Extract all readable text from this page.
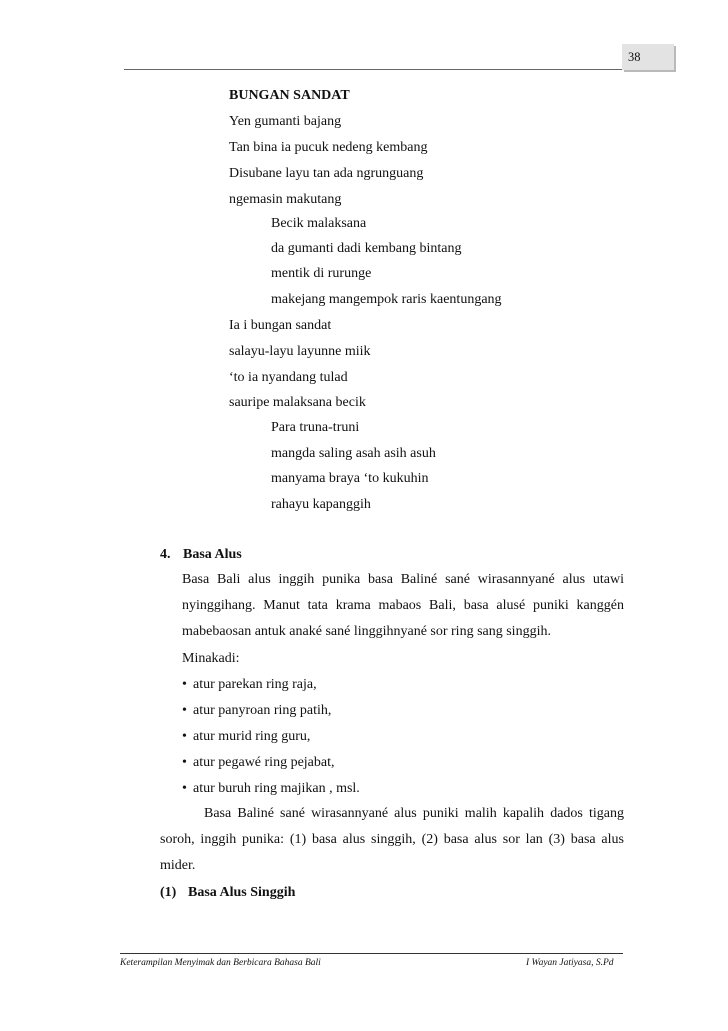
38
BUNGAN SANDAT
Yen gumanti bajang
Tan bina ia pucuk nedeng kembang
Disubane layu tan ada ngrunguang
ngemasin makutang
Becik malaksana
da gumanti dadi kembang bintang
mentik di rurunge
makejang mangempok raris kaentungang
Ia i bungan sandat
salayu-layu layunne miik
‘to ia nyandang tulad
sauripe malaksana becik
Para truna-truni
mangda saling asah asih asuh
manyama braya ‘to kukuhin
rahayu kapanggih
4. Basa Alus
Basa Bali alus inggih punika basa Baliné sané wirasannyané alus utawi
nyinggihang. Manut tata krama mabaos Bali, basa alusé puniki kanggén
mabebaosan antuk anaké sané linggihnyané sor ring sang singgih.
Minakadi:
• atur parekan ring raja,
• atur panyroan ring patih,
• atur murid ring guru,
• atur pegawé ring pejabat,
• atur buruh ring majikan , msl.
Basa Baliné sané wirasannyané alus puniki malih kapalih dados tigang
soroh, inggih punika: (1) basa alus singgih, (2) basa alus sor lan (3) basa alus
mider.
(1) Basa Alus Singgih
Keterampilan Menyimak dan Berbicara Bahasa Bali	I Wayan Jatiyasa, S.Pd
